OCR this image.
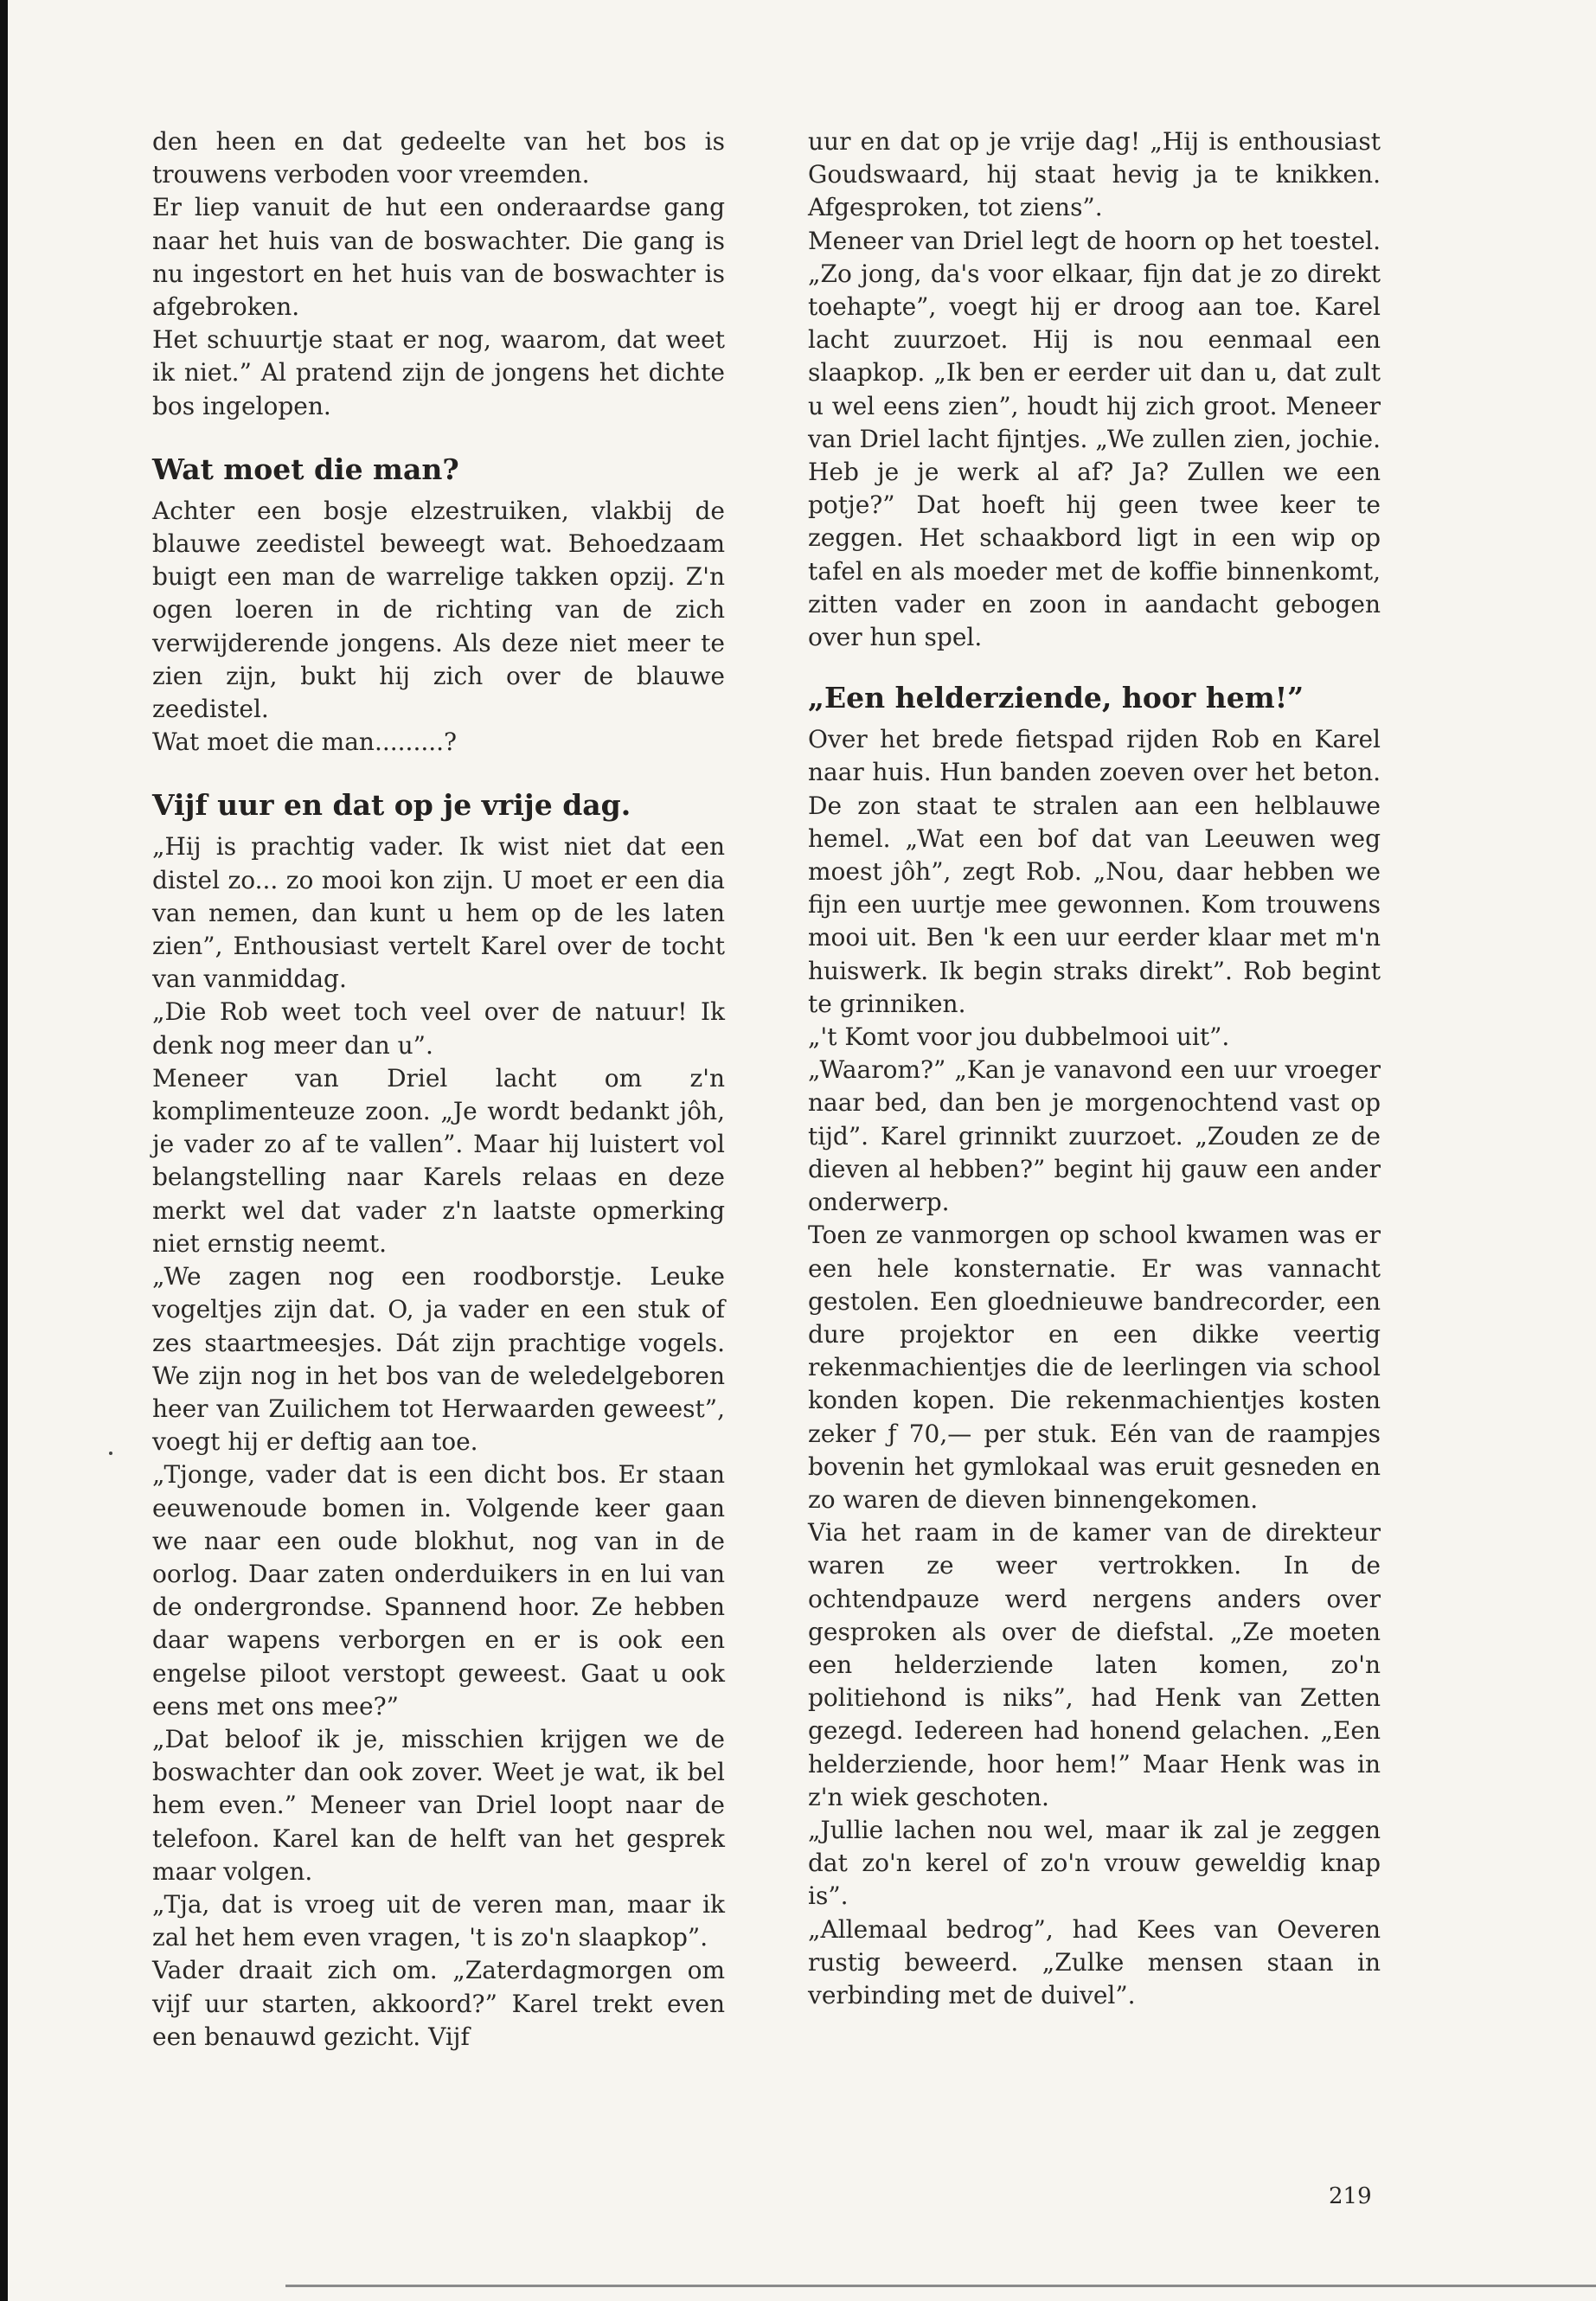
den heen en dat gedeelte van het bos is trouwens verboden voor vreemden.

Er liep vanuit de hut een onderaardse gang naar het huis van de boswachter. Die gang is nu ingestort en het huis van de boswachter is afgebroken.

Het schuurtje staat er nog, waarom, dat weet ik niet.” Al pratend zijn de jongens het dichte bos ingelopen.

Wat moet die man?

Achter een bosje elzestruiken, vlakbij de blauwe zeedistel beweegt wat. Behoedzaam buigt een man de warrelige takken opzij. Z'n ogen loeren in de richting van de zich verwijderende jongens. Als deze niet meer te zien zijn, bukt hij zich over de blauwe zeedistel.

Wat moet die man.........?

Vijf uur en dat op je vrije dag.

„Hij is prachtig vader. Ik wist niet dat een distel zo... zo mooi kon zijn. U moet er een dia van nemen, dan kunt u hem op de les laten zien”, Enthousiast vertelt Karel over de tocht van vanmiddag.

„Die Rob weet toch veel over de natuur! Ik denk nog meer dan u”.

Meneer van Driel lacht om z'n komplimenteuze zoon. „Je wordt bedankt jôh, je vader zo af te vallen”. Maar hij luistert vol belangstelling naar Karels relaas en deze merkt wel dat vader z'n laatste opmerking niet ernstig neemt.

„We zagen nog een roodborstje. Leuke vogeltjes zijn dat. O, ja vader en een stuk of zes staartmeesjes. Dát zijn prachtige vogels. We zijn nog in het bos van de weledelgeboren heer van Zuilichem tot Herwaarden geweest”, voegt hij er deftig aan toe.

„Tjonge, vader dat is een dicht bos. Er staan eeuwenoude bomen in. Volgende keer gaan we naar een oude blokhut, nog van in de oorlog. Daar zaten onderduikers in en lui van de ondergrondse. Spannend hoor. Ze hebben daar wapens verborgen en er is ook een engelse piloot verstopt geweest. Gaat u ook eens met ons mee?”

„Dat beloof ik je, misschien krijgen we de boswachter dan ook zover. Weet je wat, ik bel hem even.” Meneer van Driel loopt naar de telefoon. Karel kan de helft van het gesprek maar volgen.

„Tja, dat is vroeg uit de veren man, maar ik zal het hem even vragen, 't is zo'n slaapkop”.

Vader draait zich om. „Zaterdagmorgen om vijf uur starten, akkoord?” Karel trekt even een benauwd gezicht. Vijf

uur en dat op je vrije dag! „Hij is enthousiast Goudswaard, hij staat hevig ja te knikken. Afgesproken, tot ziens”.

Meneer van Driel legt de hoorn op het toestel. „Zo jong, da's voor elkaar, fijn dat je zo direkt toehapte”, voegt hij er droog aan toe. Karel lacht zuurzoet. Hij is nou eenmaal een slaapkop. „Ik ben er eerder uit dan u, dat zult u wel eens zien”, houdt hij zich groot. Meneer van Driel lacht fijntjes. „We zullen zien, jochie. Heb je je werk al af? Ja? Zullen we een potje?” Dat hoeft hij geen twee keer te zeggen. Het schaakbord ligt in een wip op tafel en als moeder met de koffie binnenkomt, zitten vader en zoon in aandacht gebogen over hun spel.

„Een helderziende, hoor hem!”

Over het brede fietspad rijden Rob en Karel naar huis. Hun banden zoeven over het beton. De zon staat te stralen aan een helblauwe hemel. „Wat een bof dat van Leeuwen weg moest jôh”, zegt Rob. „Nou, daar hebben we fijn een uurtje mee gewonnen. Kom trouwens mooi uit. Ben 'k een uur eerder klaar met m'n huiswerk. Ik begin straks direkt”. Rob begint te grinniken.

„'t Komt voor jou dubbelmooi uit”.

„Waarom?” „Kan je vanavond een uur vroeger naar bed, dan ben je morgenochtend vast op tijd”. Karel grinnikt zuurzoet. „Zouden ze de dieven al hebben?” begint hij gauw een ander onderwerp.

Toen ze vanmorgen op school kwamen was er een hele konsternatie. Er was vannacht gestolen. Een gloednieuwe bandrecorder, een dure projektor en een dikke veertig rekenmachientjes die de leerlingen via school konden kopen. Die rekenmachientjes kosten zeker ƒ 70,— per stuk. Eén van de raampjes bovenin het gymlokaal was eruit gesneden en zo waren de dieven binnengekomen.

Via het raam in de kamer van de direkteur waren ze weer vertrokken. In de ochtendpauze werd nergens anders over gesproken als over de diefstal. „Ze moeten een helderziende laten komen, zo'n politiehond is niks”, had Henk van Zetten gezegd. Iedereen had honend gelachen. „Een helderziende, hoor hem!” Maar Henk was in z'n wiek geschoten.

„Jullie lachen nou wel, maar ik zal je zeggen dat zo'n kerel of zo'n vrouw geweldig knap is”.

„Allemaal bedrog”, had Kees van Oeveren rustig beweerd. „Zulke mensen staan in verbinding met de duivel”.

219
